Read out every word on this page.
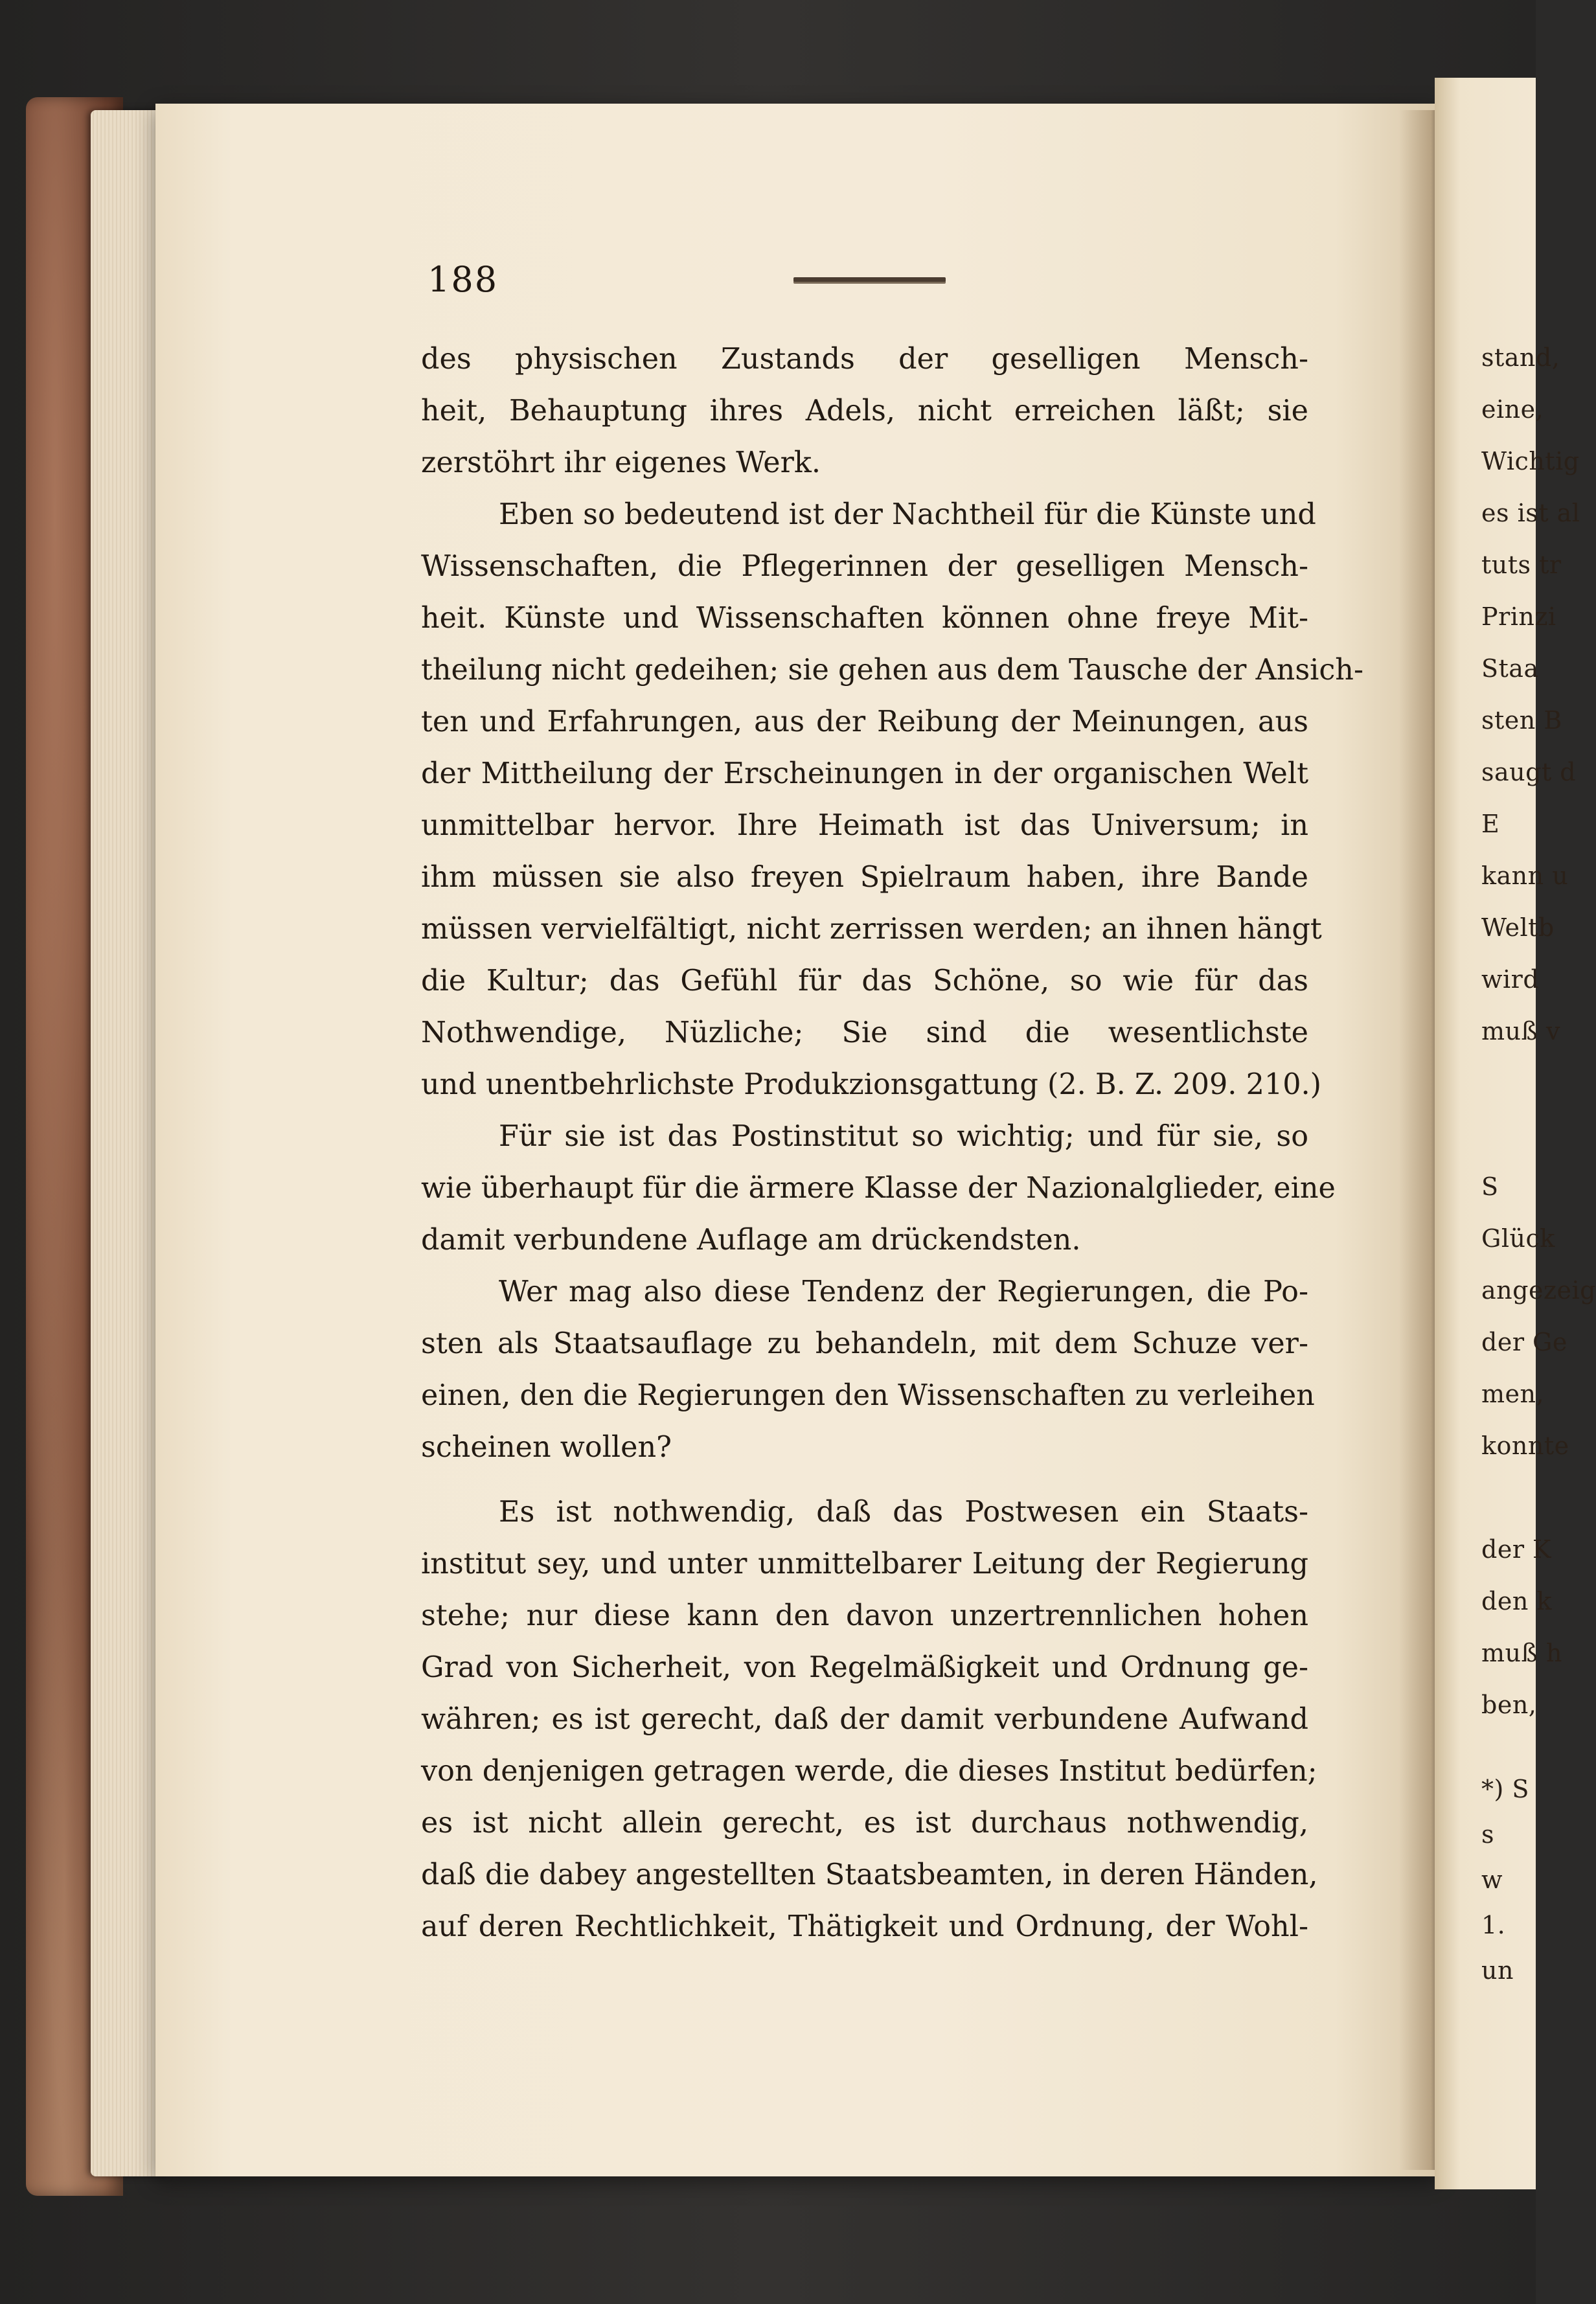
stand,
eine,
Wichtig
es ist al
tuts tr
Prinzi
Staa
sten B
saugt d
E
kann u
Weltb
wird
muß v
S
Glück
angezeig
der Ge
men,
konnte
der K
den k
muß h
ben,
*) S
s
w
1.
un
188
des physischen Zustands der geselligen Mensch-
heit, Behauptung ihres Adels, nicht erreichen läßt; sie
zerstöhrt ihr eigenes Werk.
Eben so bedeutend ist der Nachtheil für die Künste und
Wissenschaften, die Pflegerinnen der geselligen Mensch-
heit. Künste und Wissenschaften können ohne freye Mit-
theilung nicht gedeihen; sie gehen aus dem Tausche der Ansich-
ten und Erfahrungen, aus der Reibung der Meinungen, aus
der Mittheilung der Erscheinungen in der organischen Welt
unmittelbar hervor. Ihre Heimath ist das Universum; in
ihm müssen sie also freyen Spielraum haben, ihre Bande
müssen vervielfältigt, nicht zerrissen werden; an ihnen hängt
die Kultur; das Gefühl für das Schöne, so wie für das
Nothwendige, Nüzliche; Sie sind die wesentlichste
und unentbehrlichste Produkzionsgattung (2. B. Z. 209. 210.)
Für sie ist das Postinstitut so wichtig; und für sie, so
wie überhaupt für die ärmere Klasse der Nazionalglieder, eine
damit verbundene Auflage am drückendsten.
Wer mag also diese Tendenz der Regierungen, die Po-
sten als Staatsauflage zu behandeln, mit dem Schuze ver-
einen, den die Regierungen den Wissenschaften zu verleihen
scheinen wollen?
Es ist nothwendig, daß das Postwesen ein Staats-
institut sey, und unter unmittelbarer Leitung der Regierung
stehe; nur diese kann den davon unzertrennlichen hohen
Grad von Sicherheit, von Regelmäßigkeit und Ordnung ge-
währen; es ist gerecht, daß der damit verbundene Aufwand
von denjenigen getragen werde, die dieses Institut bedürfen;
es ist nicht allein gerecht, es ist durchaus nothwendig,
daß die dabey angestellten Staatsbeamten, in deren Händen,
auf deren Rechtlichkeit, Thätigkeit und Ordnung, der Wohl-
